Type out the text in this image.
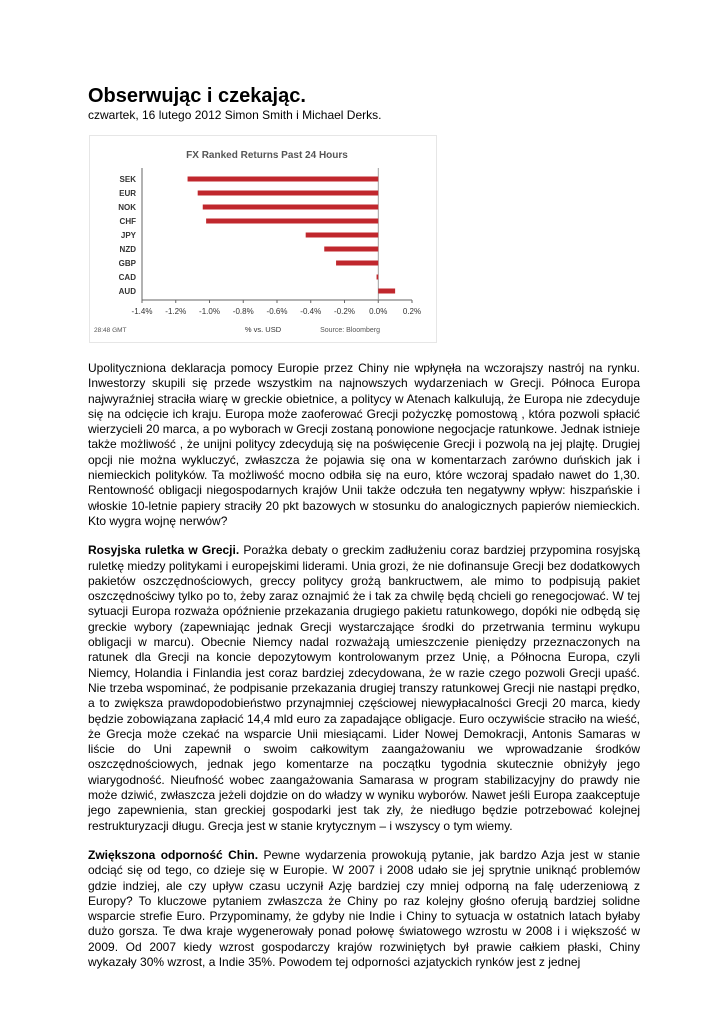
Obserwując i czekając.
czwartek, 16 lutego 2012 Simon Smith i Michael Derks.
FX Ranked Returns Past 24 Hours
SEK
EUR
NOK
CHF
JPY
NZD
GBP
CAD
AUD
-1.4% -1.2% -1.0% -0.8% -0.6% -0.4% -0.2% 0.0% 0.2%
28:48 GMT	% vs. USD	Source: Bloomberg

Upolityczniona deklaracja pomocy Europie przez Chiny nie wpłynęła na wczorajszy nastrój na rynku. Inwestorzy skupili się przede wszystkim na najnowszych wydarzeniach w Grecji. Północa Europa najwyraźniej straciła wiarę w greckie obietnice, a politycy w Atenach kalkulują, że Europa nie zdecyduje się na odcięcie ich kraju. Europa może zaoferować Grecji pożyczkę pomostową , która pozwoli spłacić wierzycieli 20 marca, a po wyborach w Grecji zostaną ponowione negocjacje ratunkowe. Jednak istnieje także możliwość , że unijni politycy zdecydują się na poświęcenie Grecji i pozwolą na jej plajtę. Drugiej opcji nie można wykluczyć, zwłaszcza że pojawia się ona w komentarzach zarówno duńskich jak i niemieckich polityków. Ta możliwość mocno odbiła się na euro, które wczoraj spadało nawet do 1,30. Rentowność obligacji niegospodarnych krajów Unii także odczuła ten negatywny wpływ: hiszpańskie i włoskie 10-letnie papiery straciły 20 pkt bazowych w stosunku do analogicznych papierów niemieckich. Kto wygra wojnę nerwów?

Rosyjska ruletka w Grecji. Porażka debaty o greckim zadłużeniu coraz bardziej przypomina rosyjską ruletkę miedzy politykami i europejskimi liderami. Unia grozi, że nie dofinansuje Grecji bez dodatkowych pakietów oszczędnościowych, greccy politycy grożą bankructwem, ale mimo to podpisują pakiet oszczędnościwy tylko po to, żeby zaraz oznajmić że i tak za chwilę będą chcieli go renegocjować. W tej sytuacji Europa rozważa opóźnienie przekazania drugiego pakietu ratunkowego, dopóki nie odbędą się greckie wybory (zapewniając jednak Grecji wystarczające środki do przetrwania terminu wykupu obligacji w marcu). Obecnie Niemcy nadal rozważają umieszczenie pieniędzy przeznaczonych na ratunek dla Grecji na koncie depozytowym kontrolowanym przez Unię, a Północna Europa, czyli Niemcy, Holandia i Finlandia jest coraz bardziej zdecydowana, że w razie czego pozwoli Grecji upaść. Nie trzeba wspominać, że podpisanie przekazania drugiej transzy ratunkowej Grecji nie nastąpi prędko, a to zwiększa prawdopodobieństwo przynajmniej częściowej niewypłacalności Grecji 20 marca, kiedy będzie zobowiązana zapłacić 14,4 mld euro za zapadające obligacje. Euro oczywiście straciło na wieść, że Grecja może czekać na wsparcie Unii miesiącami. Lider Nowej Demokracji, Antonis Samaras w liście do Uni zapewnił o swoim całkowitym zaangażowaniu we wprowadzanie środków oszczędnościowych, jednak jego komentarze na początku tygodnia skutecznie obniżyły jego wiarygodność. Nieufność wobec zaangażowania Samarasa w program stabilizacyjny do prawdy nie może dziwić, zwłaszcza jeżeli dojdzie on do władzy w wyniku wyborów. Nawet jeśli Europa zaakceptuje jego zapewnienia, stan greckiej gospodarki jest tak zły, że niedługo będzie potrzebować kolejnej restrukturyzacji długu. Grecja jest w stanie krytycznym – i wszyscy o tym wiemy.

Zwiększona odporność Chin. Pewne wydarzenia prowokują pytanie, jak bardzo Azja jest w stanie odciąć się od tego, co dzieje się w Europie. W 2007 i 2008 udało sie jej sprytnie uniknąć problemów gdzie indziej, ale czy upływ czasu uczynił Azję bardziej czy mniej odporną na falę uderzeniową z Europy? To kluczowe pytaniem zwłaszcza że Chiny po raz kolejny głośno oferują bardziej solidne wsparcie strefie Euro. Przypominamy, że gdyby nie Indie i Chiny to sytuacja w ostatnich latach byłaby dużo gorsza. Te dwa kraje wygenerowały ponad połowę światowego wzrostu w 2008 i i większość w 2009. Od 2007 kiedy wzrost gospodarczy krajów rozwiniętych był prawie całkiem płaski, Chiny wykazały 30% wzrost, a Indie 35%. Powodem tej odporności azjatyckich rynków jest z jednej
